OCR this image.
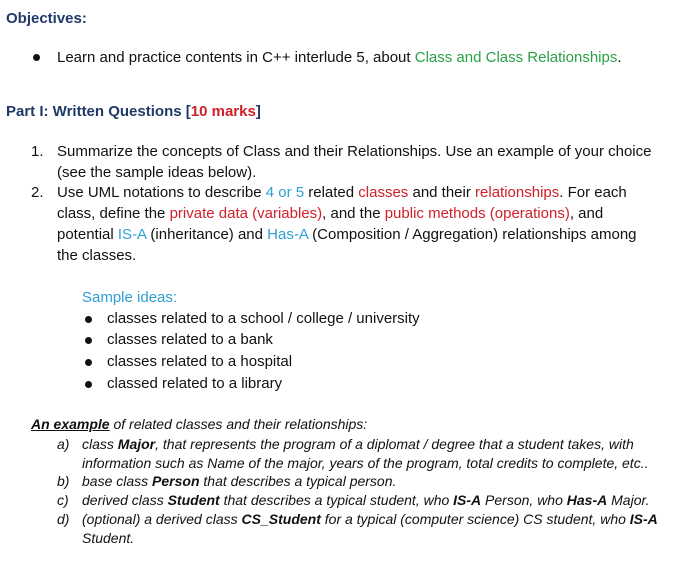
Objectives:
Learn and practice contents in C++ interlude 5, about Class and Class Relationships.
Part I: Written Questions [10 marks]
1. Summarize the concepts of Class and their Relationships. Use an example of your choice
(see the sample ideas below).
2. Use UML notations to describe 4 or 5 related classes and their relationships. For each
class, define the private data (variables), and the public methods (operations), and
potential IS-A (inheritance) and Has-A (Composition / Aggregation) relationships among
the classes.
Sample ideas:
classes related to a school / college / university
classes related to a bank
classes related to a hospital
classed related to a library
An example of related classes and their relationships:
a) class Major, that represents the program of a diplomat / degree that a student takes, with
information such as Name of the major, years of the program, total credits to complete, etc..
b) base class Person that describes a typical person.
c) derived class Student that describes a typical student, who IS-A Person, who Has-A Major.
d) (optional) a derived class CS_Student for a typical (computer science) CS student, who IS-A
Student.
